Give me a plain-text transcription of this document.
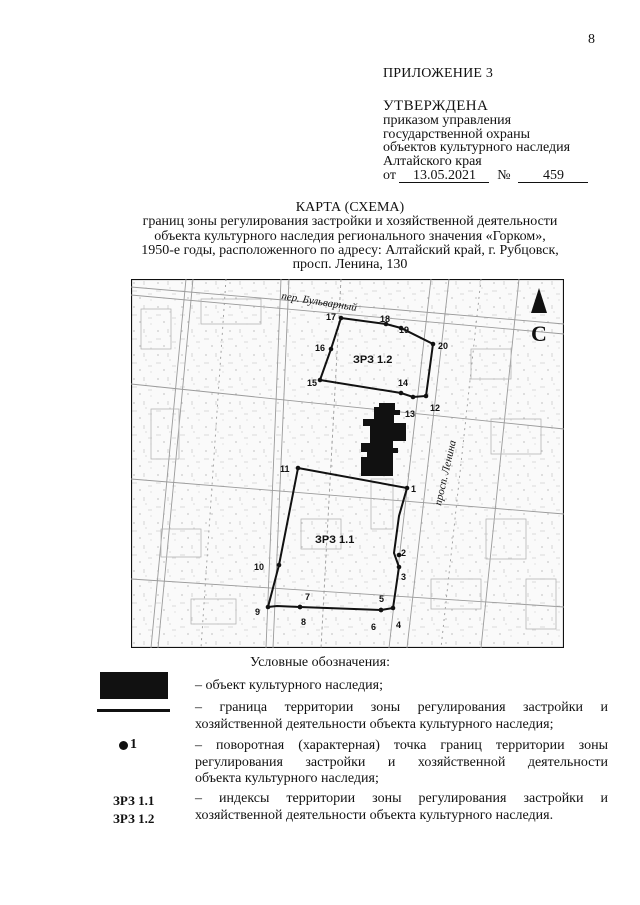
8
ПРИЛОЖЕНИЕ 3
УТВЕРЖДЕНА
приказом управления
государственной охраны
объектов культурного наследия
Алтайского края
от 13.05.2021 № 459
КАРТА (СХЕМА)
границ зоны регулирования застройки и хозяйственной деятельности
объекта культурного наследия регионального значения «Горком»,
1950-е годы, расположенного по адресу: Алтайский край, г. Рубцовск,
просп. Ленина, 130
пер. Бульварный
просп. Ленина
С
ЗРЗ 1.2
ЗРЗ 1.1
1
2
3
4
5
6
7
8
9
10
11
12
13
14
15
16
17	18
19
20
Условные обозначения:
– объект культурного наследия;
– граница территории зоны регулирования застройки и
хозяйственной деятельности объекта культурного наследия;
1	– поворотная (характерная) точка границ территории зоны
регулирования застройки и хозяйственной деятельности
объекта культурного наследия;
ЗРЗ 1.1
ЗРЗ 1.2
– индексы территории зоны регулирования застройки и
хозяйственной деятельности объекта культурного наследия.
